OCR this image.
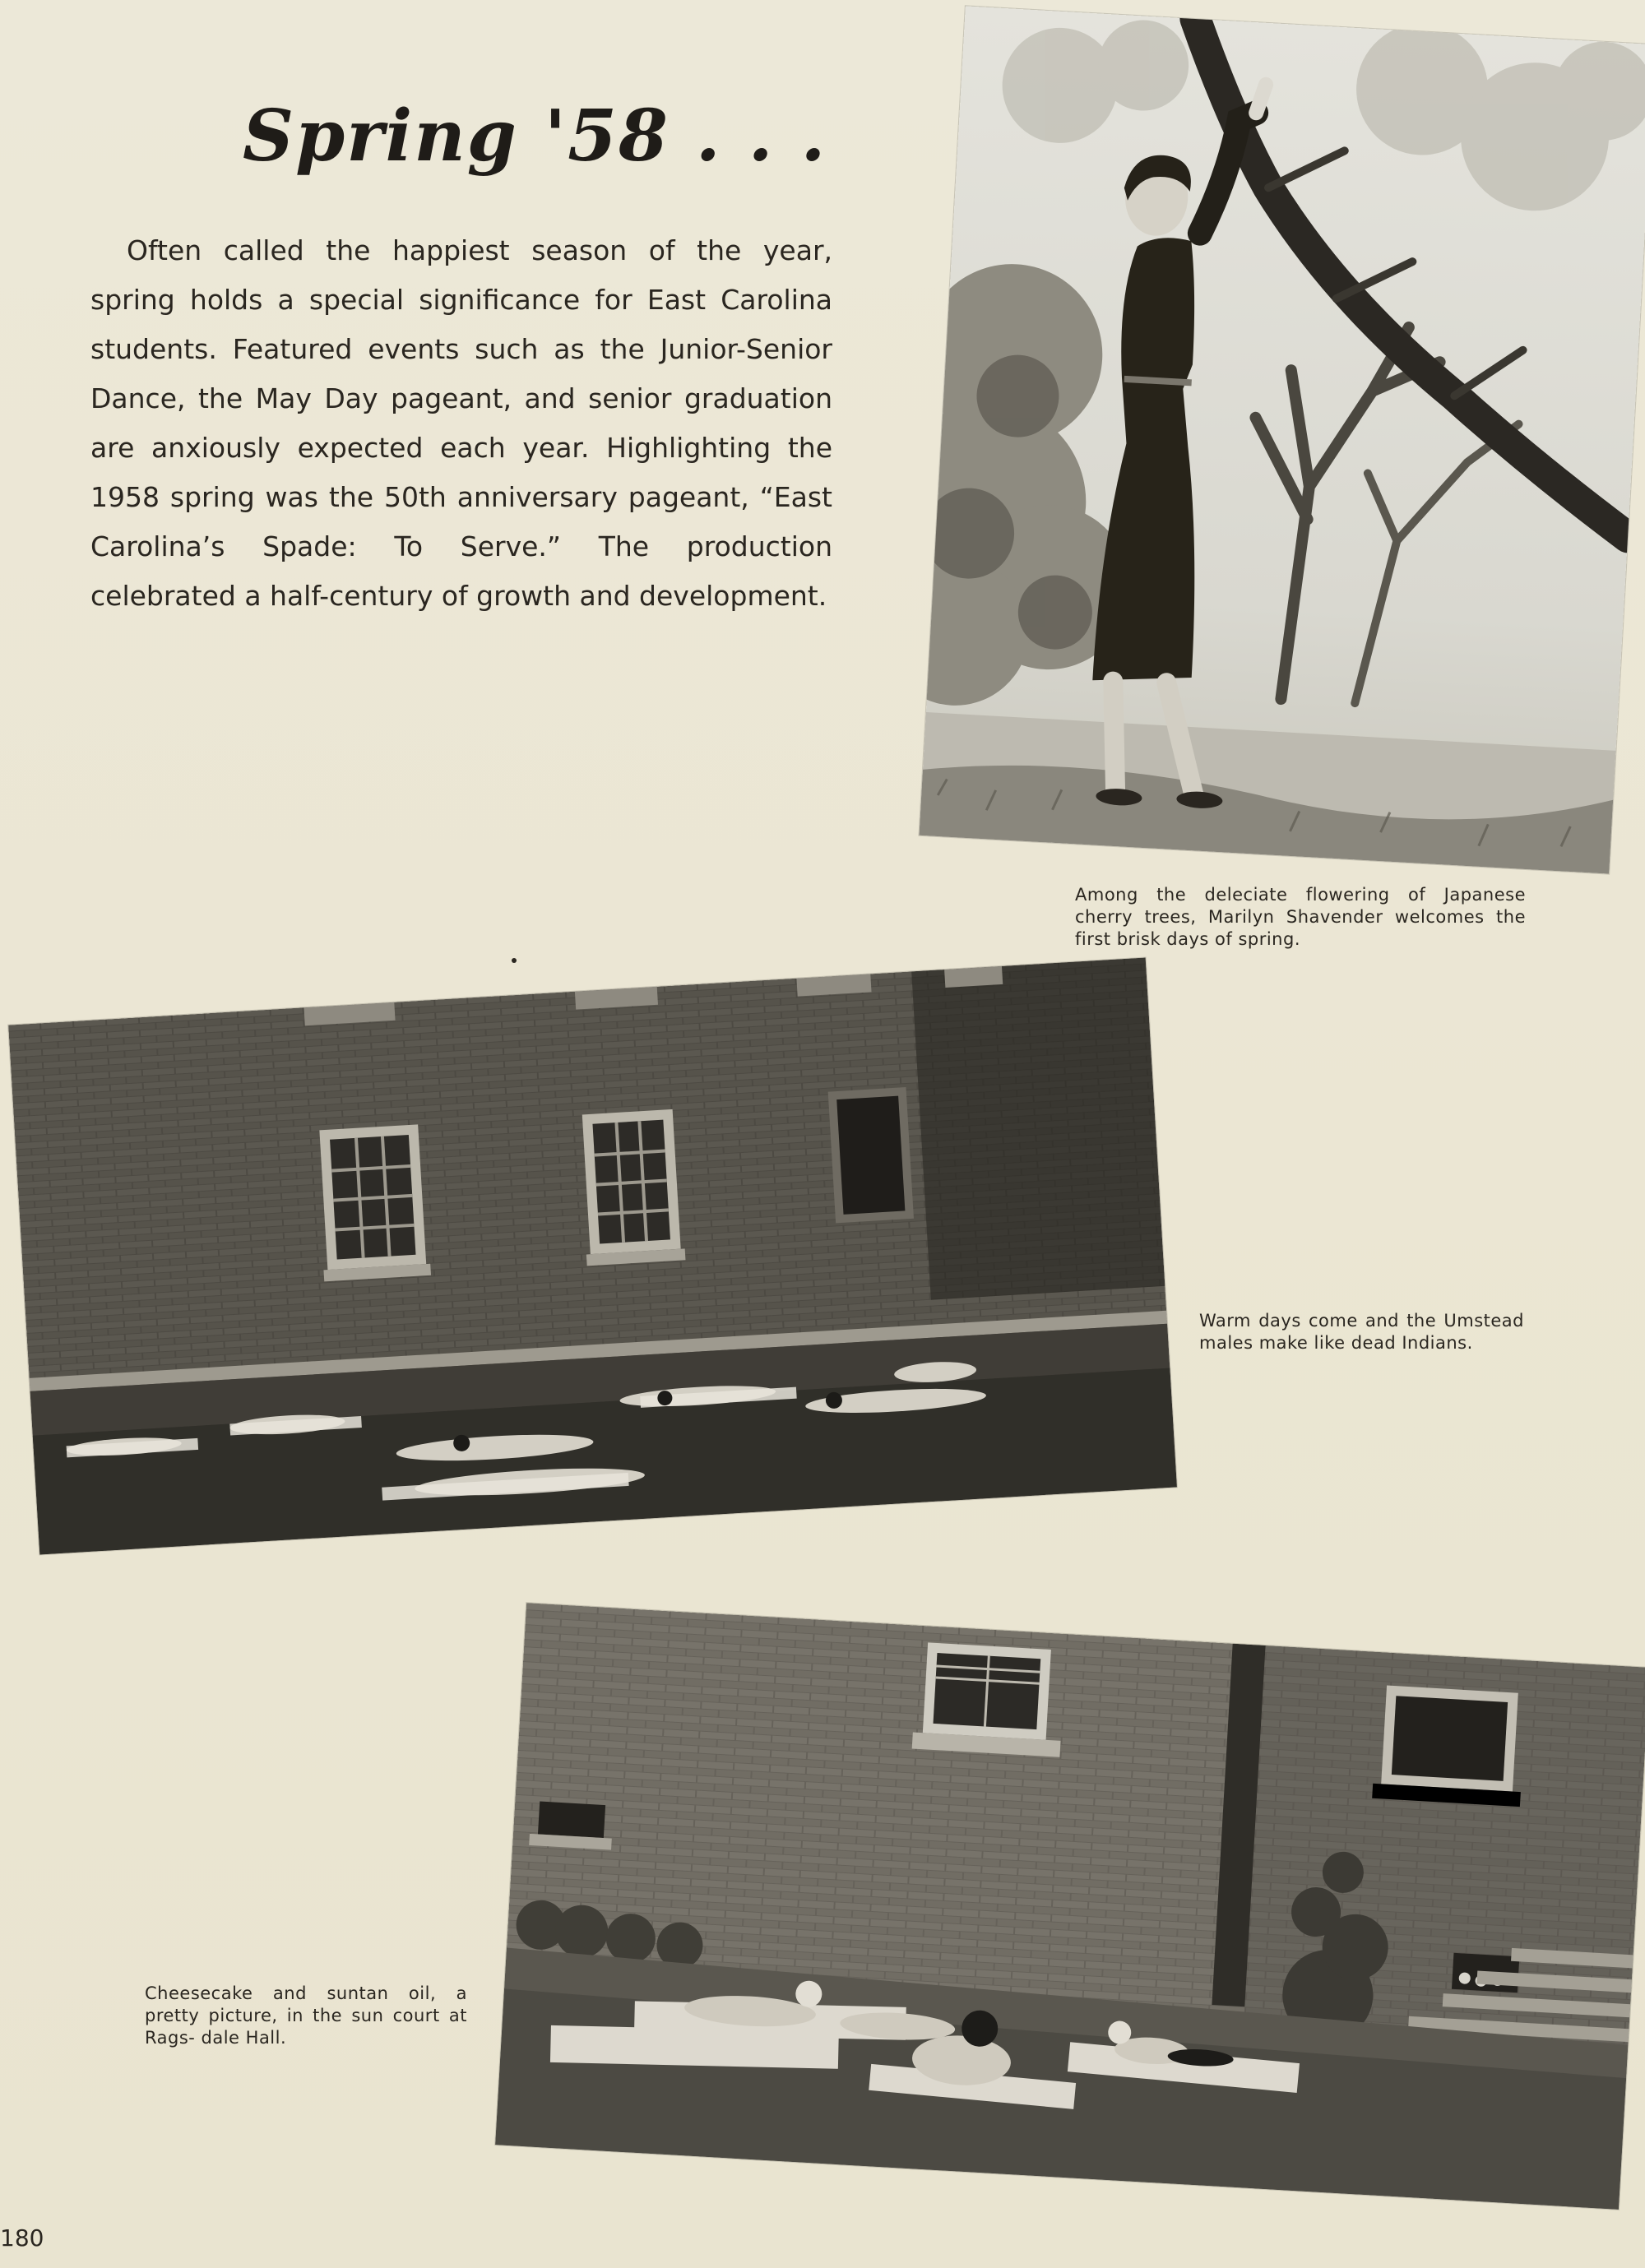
Spring '58 . . .

Often called the happiest season of the year, spring holds a special significance for East Carolina students. Featured events such as the Junior-Senior Dance, the May Day pageant, and senior graduation are anxiously expected each year. Highlighting the 1958 spring was the 50th anniversary pageant, “East Carolina’s Spade: To Serve.” The production celebrated a half-century of growth and development.

Among the deleciate flowering of Japanese cherry trees, Marilyn Shavender welcomes the first brisk days of spring.

Warm days come and the Umstead males make like dead Indians.

Cheesecake and suntan oil, a pretty picture, in the sun court at Rags- dale Hall.

180
